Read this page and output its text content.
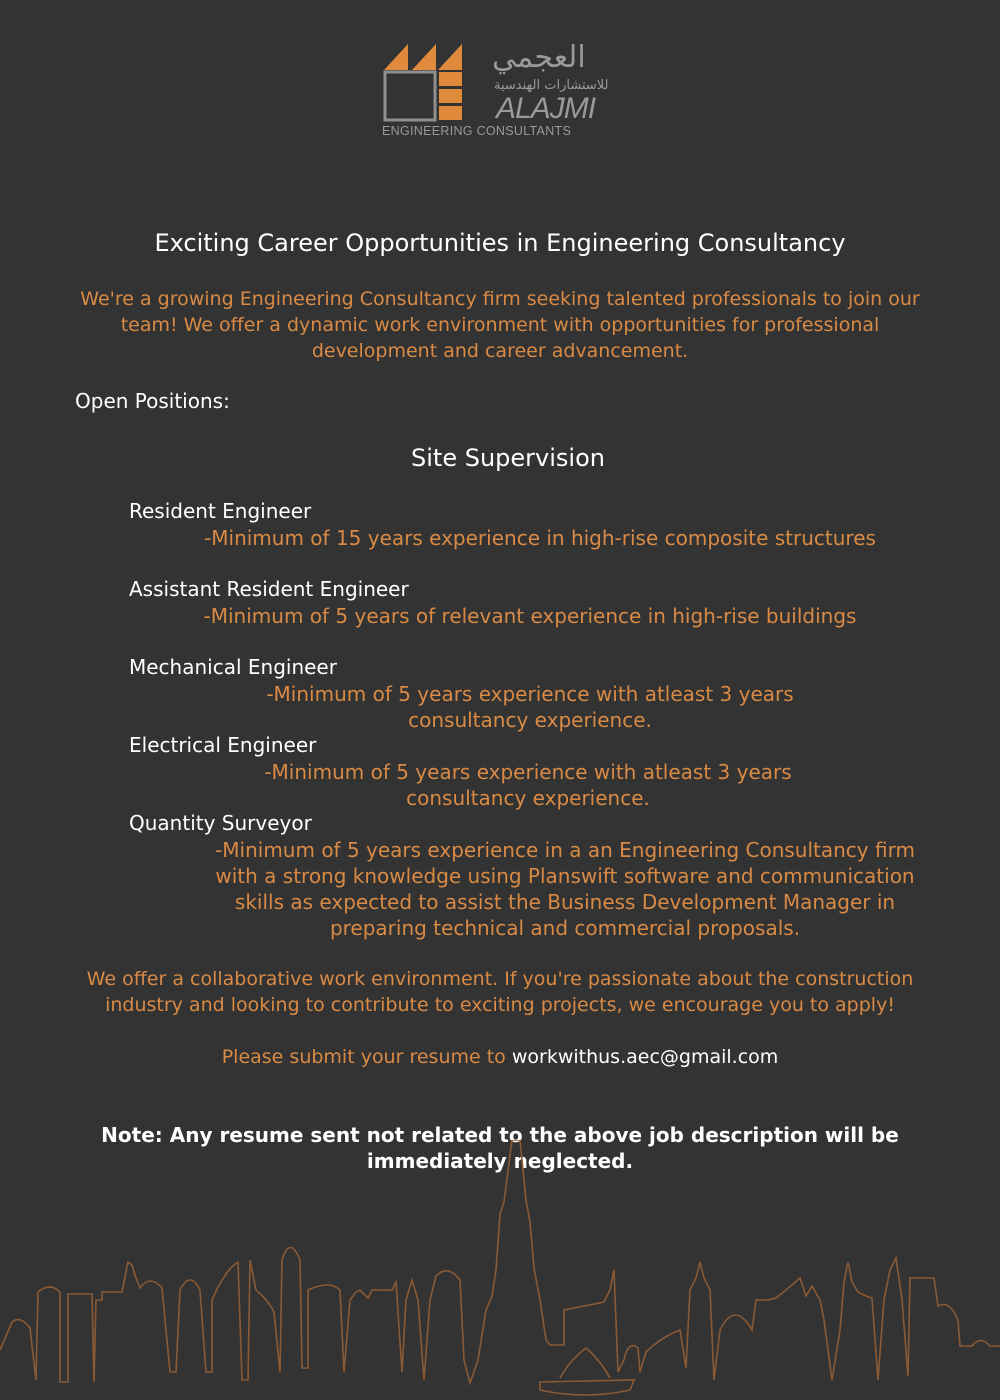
العجمي
للاستشارات الهندسية
ALAJMI
ENGINEERING CONSULTANTS
Exciting Career Opportunities in Engineering Consultancy
We're a growing Engineering Consultancy firm seeking talented professionals to join our team! We offer a dynamic work environment with opportunities for professional development and career advancement.
Open Positions:
Site Supervision
Resident Engineer
-Minimum of 15 years experience in high-rise composite structures
Assistant Resident Engineer
-Minimum of 5 years of relevant experience in high-rise buildings
Mechanical Engineer
-Minimum of 5 years experience with atleast 3 years consultancy experience.
Electrical Engineer
-Minimum of 5 years experience with atleast 3 years consultancy experience.
Quantity Surveyor
-Minimum of 5 years experience in a an Engineering Consultancy firm with a strong knowledge using Planswift software and communication skills as expected to assist the Business Development Manager in preparing technical and commercial proposals.
We offer a collaborative work environment. If you're passionate about the construction industry and looking to contribute to exciting projects, we encourage you to apply!
Please submit your resume to workwithus.aec@gmail.com
Note: Any resume sent not related to the above job description will be immediately neglected.
